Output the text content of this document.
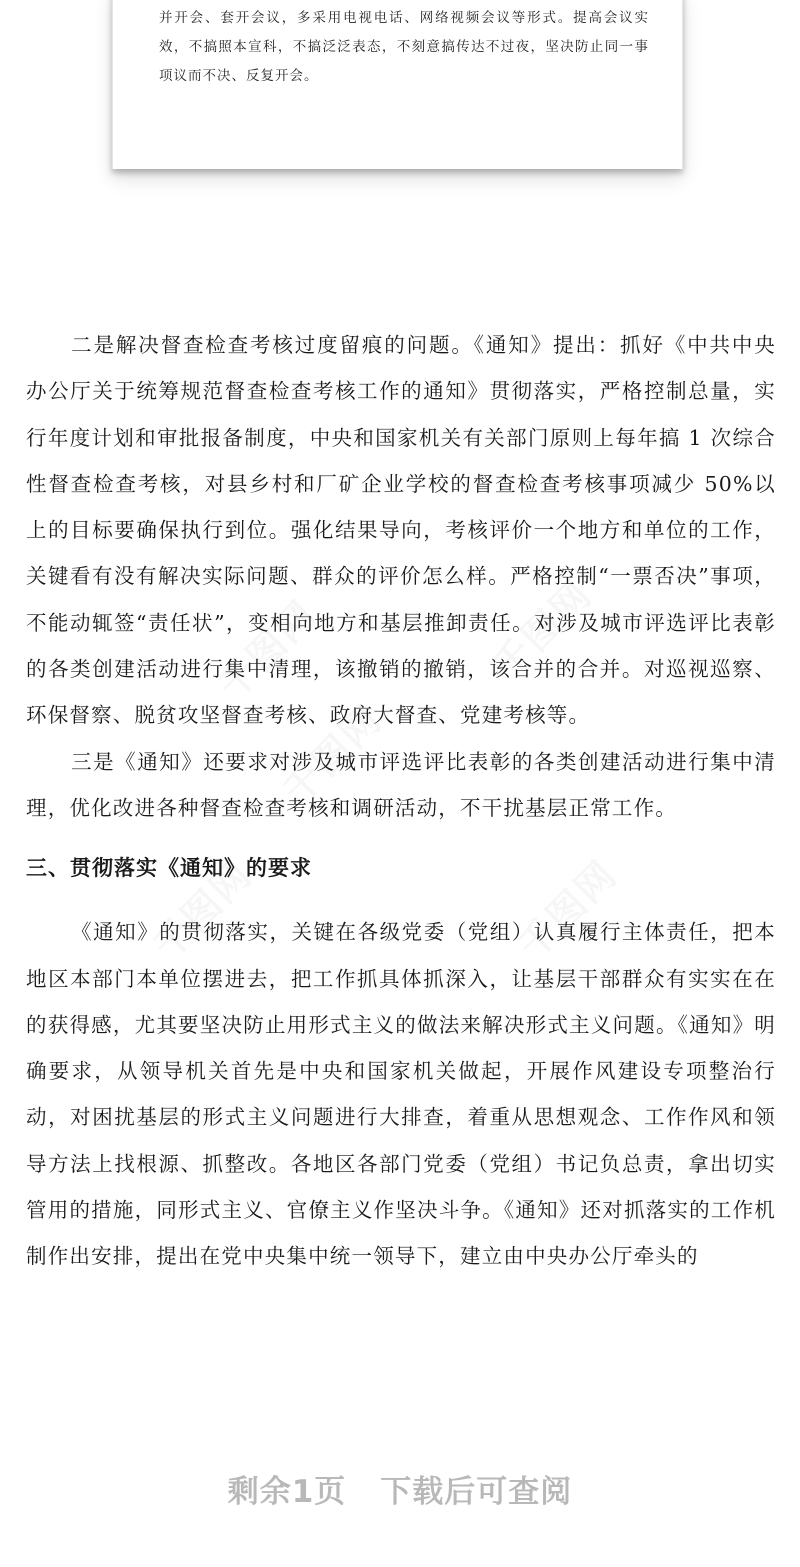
并开会、套开会议，多采用电视电话、网络视频会议等形式。提高会议实效，不搞照本宣科，不搞泛泛表态，不刻意搞传达不过夜，坚决防止同一事项议而不决、反复开会。

二是解决督查检查考核过度留痕的问题。《通知》提出：抓好《中共中央办公厅关于统筹规范督查检查考核工作的通知》贯彻落实，严格控制总量，实行年度计划和审批报备制度，中央和国家机关有关部门原则上每年搞 1 次综合性督查检查考核，对县乡村和厂矿企业学校的督查检查考核事项减少 50%以上的目标要确保执行到位。强化结果导向，考核评价一个地方和单位的工作，关键看有没有解决实际问题、群众的评价怎么样。严格控制“一票否决”事项，不能动辄签“责任状”，变相向地方和基层推卸责任。对涉及城市评选评比表彰的各类创建活动进行集中清理，该撤销的撤销，该合并的合并。对巡视巡察、环保督察、脱贫攻坚督查考核、政府大督查、党建考核等。

三是《通知》还要求对涉及城市评选评比表彰的各类创建活动进行集中清理，优化改进各种督查检查考核和调研活动，不干扰基层正常工作。

三、贯彻落实《通知》的要求

《通知》的贯彻落实，关键在各级党委（党组）认真履行主体责任，把本地区本部门本单位摆进去，把工作抓具体抓深入，让基层干部群众有实实在在的获得感，尤其要坚决防止用形式主义的做法来解决形式主义问题。《通知》明确要求，从领导机关首先是中央和国家机关做起，开展作风建设专项整治行动，对困扰基层的形式主义问题进行大排查，着重从思想观念、工作作风和领导方法上找根源、抓整改。各地区各部门党委（党组）书记负总责，拿出切实管用的措施，同形式主义、官僚主义作坚决斗争。《通知》还对抓落实的工作机制作出安排，提出在党中央集中统一领导下，建立由中央办公厅牵头的

剩余1页 下载后可查阅
